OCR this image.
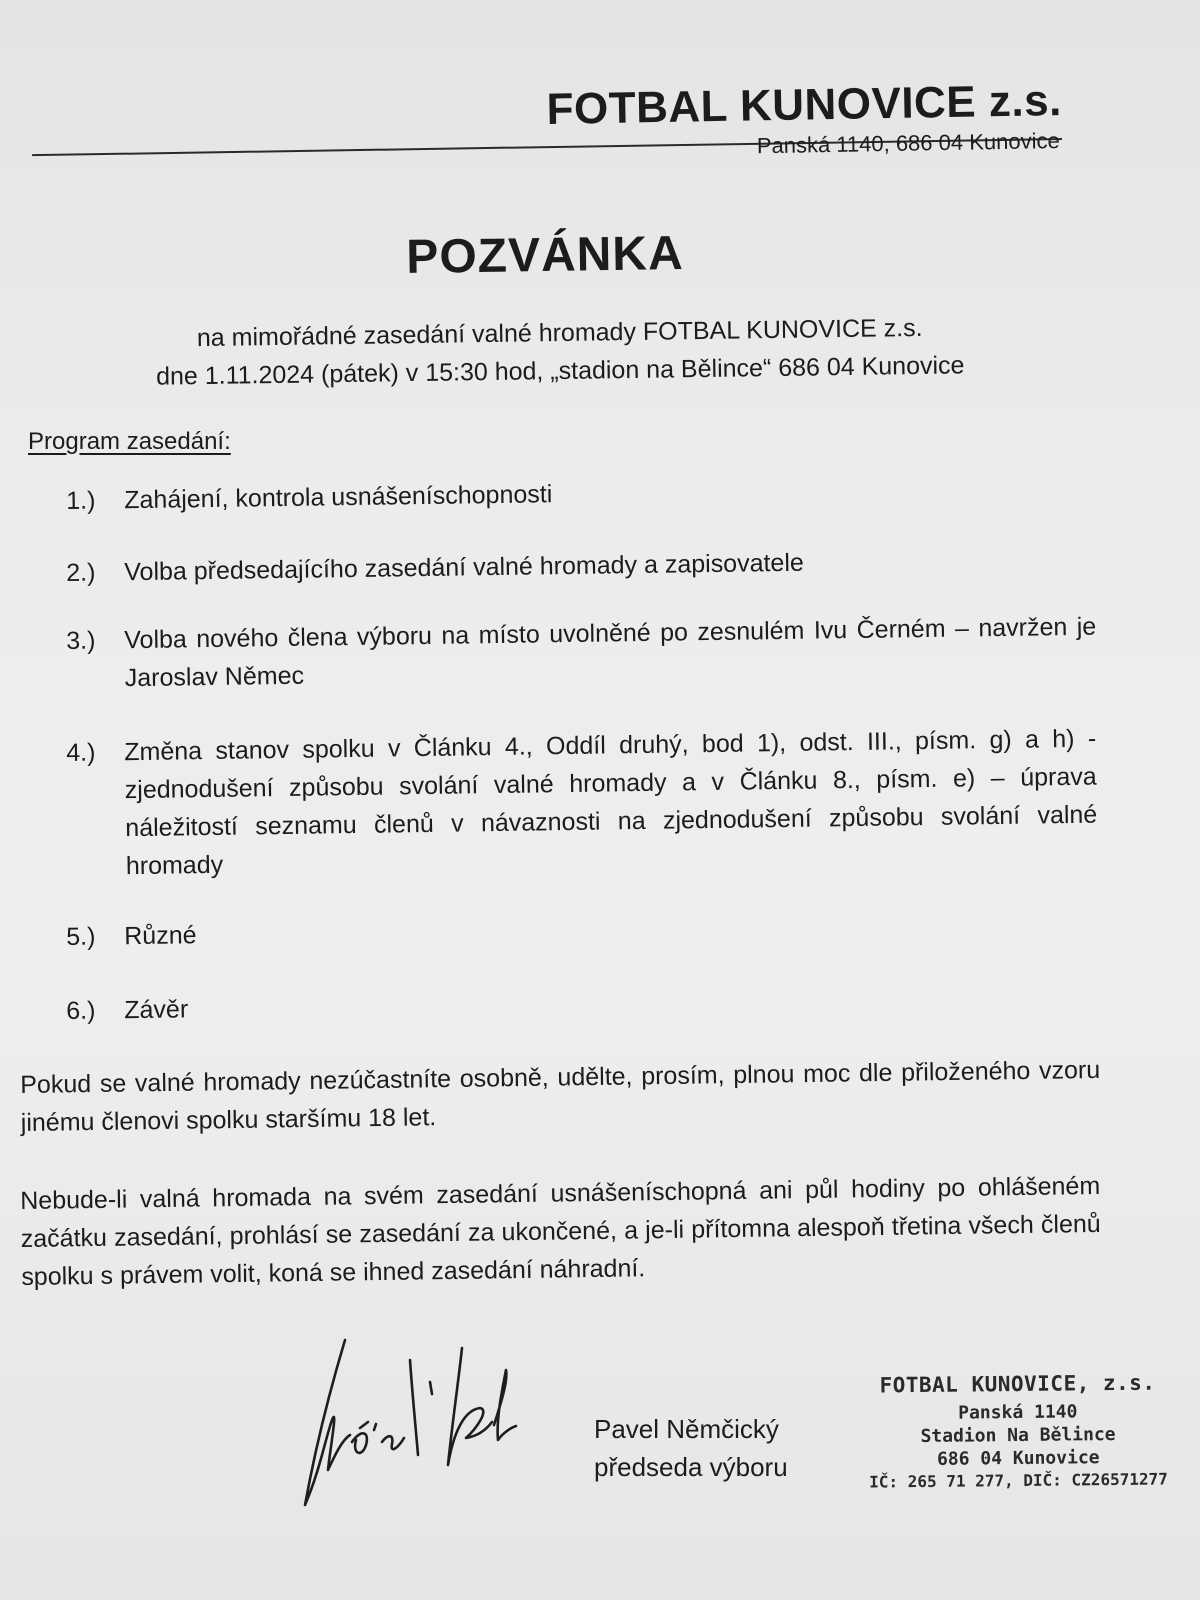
FOTBAL KUNOVICE z.s.
Panská 1140, 686 04 Kunovice
POZVÁNKA

na mimořádné zasedání valné hromady FOTBAL KUNOVICE z.s.

dne 1.11.2024 (pátek) v 15:30 hod, „stadion na Bělince“ 686 04 Kunovice

Program zasedání:
1.) Zahájení, kontrola usnášeníschopnosti
2.) Volba předsedajícího zasedání valné hromady a zapisovatele
3.) Volba nového člena výboru na místo uvolněné po zesnulém Ivu Černém – navržen je Jaroslav Němec
4.) Změna stanov spolku v Článku 4., Oddíl druhý, bod 1), odst. III., písm. g) a h) - zjednodušení způsobu svolání valné hromady a v Článku 8., písm. e) – úprava náležitostí seznamu členů v návaznosti na zjednodušení způsobu svolání valné hromady
5.) Různé
6.) Závěr

Pokud se valné hromady nezúčastníte osobně, udělte, prosím, plnou moc dle přiloženého vzoru jinému členovi spolku staršímu 18 let.

Nebude-li valná hromada na svém zasedání usnášeníschopná ani půl hodiny po ohlášeném začátku zasedání, prohlásí se zasedání za ukončené, a je-li přítomna alespoň třetina všech členů spolku s právem volit, koná se ihned zasedání náhradní.

Pavel Němčický
předseda výboru
FOTBAL KUNOVICE, z.s.
Panská 1140
Stadion Na Bělince
686 04 Kunovice
IČ: 265 71 277, DIČ: CZ26571277
